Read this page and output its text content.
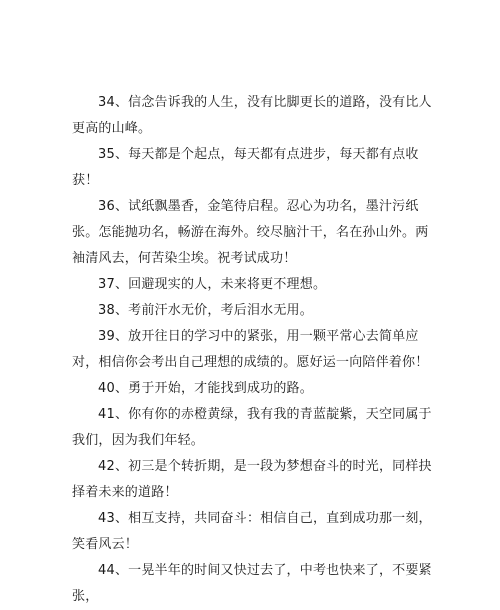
34、信念告诉我的人生，没有比脚更长的道路，没有比人更高的山峰。

35、每天都是个起点，每天都有点进步，每天都有点收获！

36、试纸飘墨香，金笔待启程。忍心为功名，墨汁污纸张。怎能抛功名，畅游在海外。绞尽脑汁干，名在孙山外。两袖清风去，何苦染尘埃。祝考试成功！

37、回避现实的人，未来将更不理想。

38、考前汗水无价，考后泪水无用。

39、放开往日的学习中的紧张，用一颗平常心去简单应对，相信你会考出自己理想的成绩的。愿好运一向陪伴着你！

40、勇于开始，才能找到成功的路。

41、你有你的赤橙黄绿，我有我的青蓝靛紫，天空同属于我们，因为我们年轻。

42、初三是个转折期，是一段为梦想奋斗的时光，同样抉择着未来的道路！

43、相互支持，共同奋斗：相信自己，直到成功那一刻，笑看风云！

44、一晃半年的时间又快过去了，中考也快来了，不要紧张，
